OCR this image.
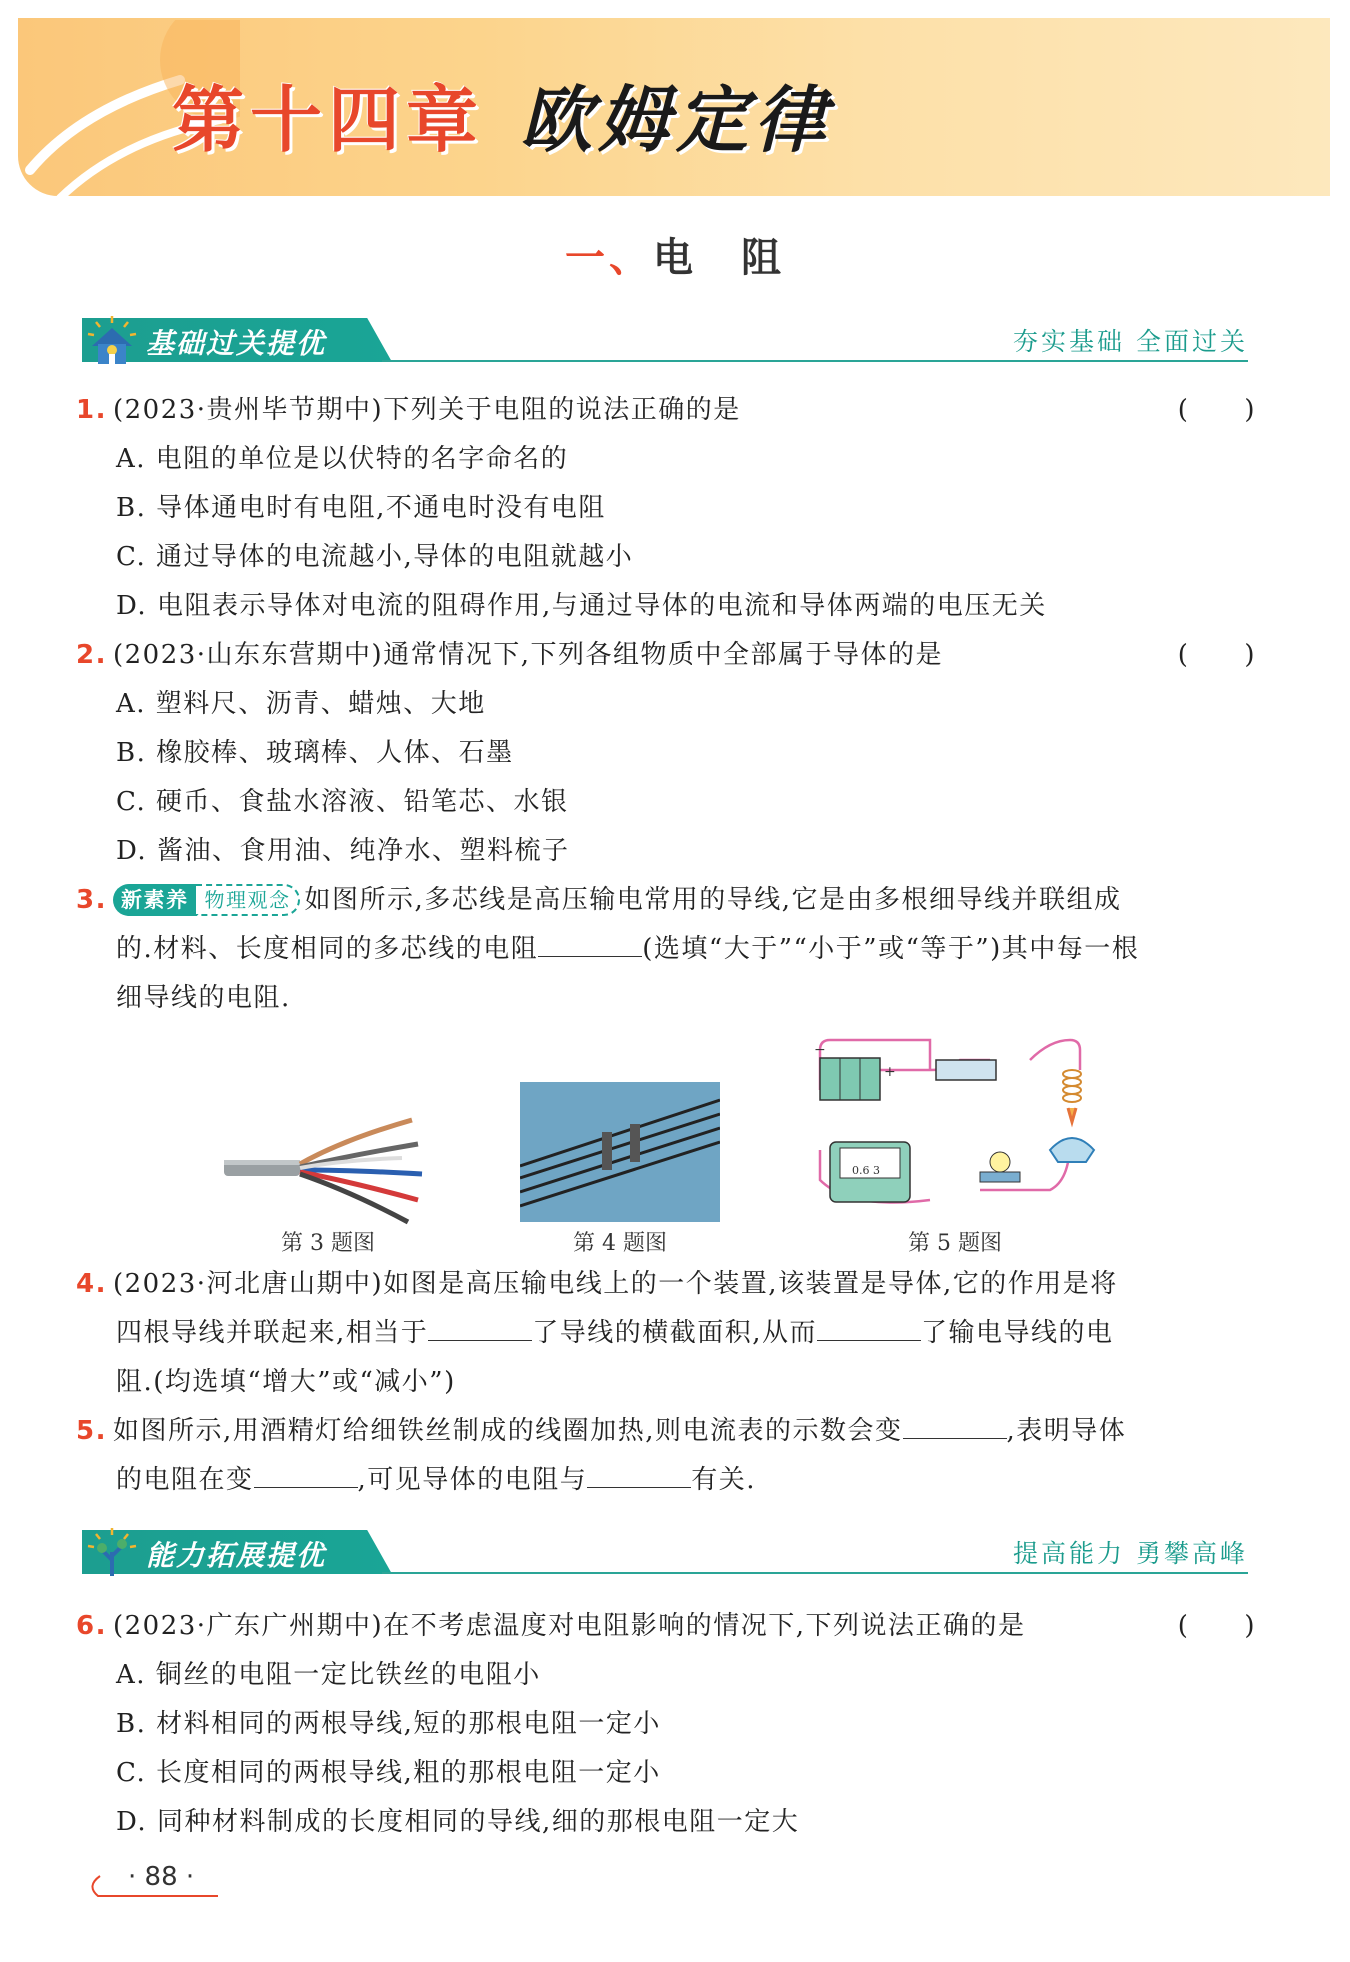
第十四章 欧姆定律
一、电　阻
基础过关提优	夯实基础 全面过关
1. (2023·贵州毕节期中)下列关于电阻的说法正确的是	(　　)
A. 电阻的单位是以伏特的名字命名的
B. 导体通电时有电阻,不通电时没有电阻
C. 通过导体的电流越小,导体的电阻就越小
D. 电阻表示导体对电流的阻碍作用,与通过导体的电流和导体两端的电压无关
2. (2023·山东东营期中)通常情况下,下列各组物质中全部属于导体的是	(　　)
A. 塑料尺、沥青、蜡烛、大地
B. 橡胶棒、玻璃棒、人体、石墨
C. 硬币、食盐水溶液、铅笔芯、水银
D. 酱油、食用油、纯净水、塑料梳子
3. 新素养 物理观念 如图所示,多芯线是高压输电常用的导线,它是由多根细导线并联组成
的.材料、长度相同的多芯线的电阻	(选填“大于”“小于”或“等于”)其中每一根
细导线的电阻.
第 3 题图	第 4 题图
−
+
0.6 3
第 5 题图
4. (2023·河北唐山期中)如图是高压输电线上的一个装置,该装置是导体,它的作用是将
四根导线并联起来,相当于	了导线的横截面积,从而	了输电导线的电
阻.(均选填“增大”或“减小”)
5. 如图所示,用酒精灯给细铁丝制成的线圈加热,则电流表的示数会变	,表明导体
的电阻在变	,可见导体的电阻与	有关.
能力拓展提优	提高能力 勇攀高峰
6. (2023·广东广州期中)在不考虑温度对电阻影响的情况下,下列说法正确的是	(　　)
A. 铜丝的电阻一定比铁丝的电阻小
B. 材料相同的两根导线,短的那根电阻一定小
C. 长度相同的两根导线,粗的那根电阻一定小
D. 同种材料制成的长度相同的导线,细的那根电阻一定大
· 88 ·
